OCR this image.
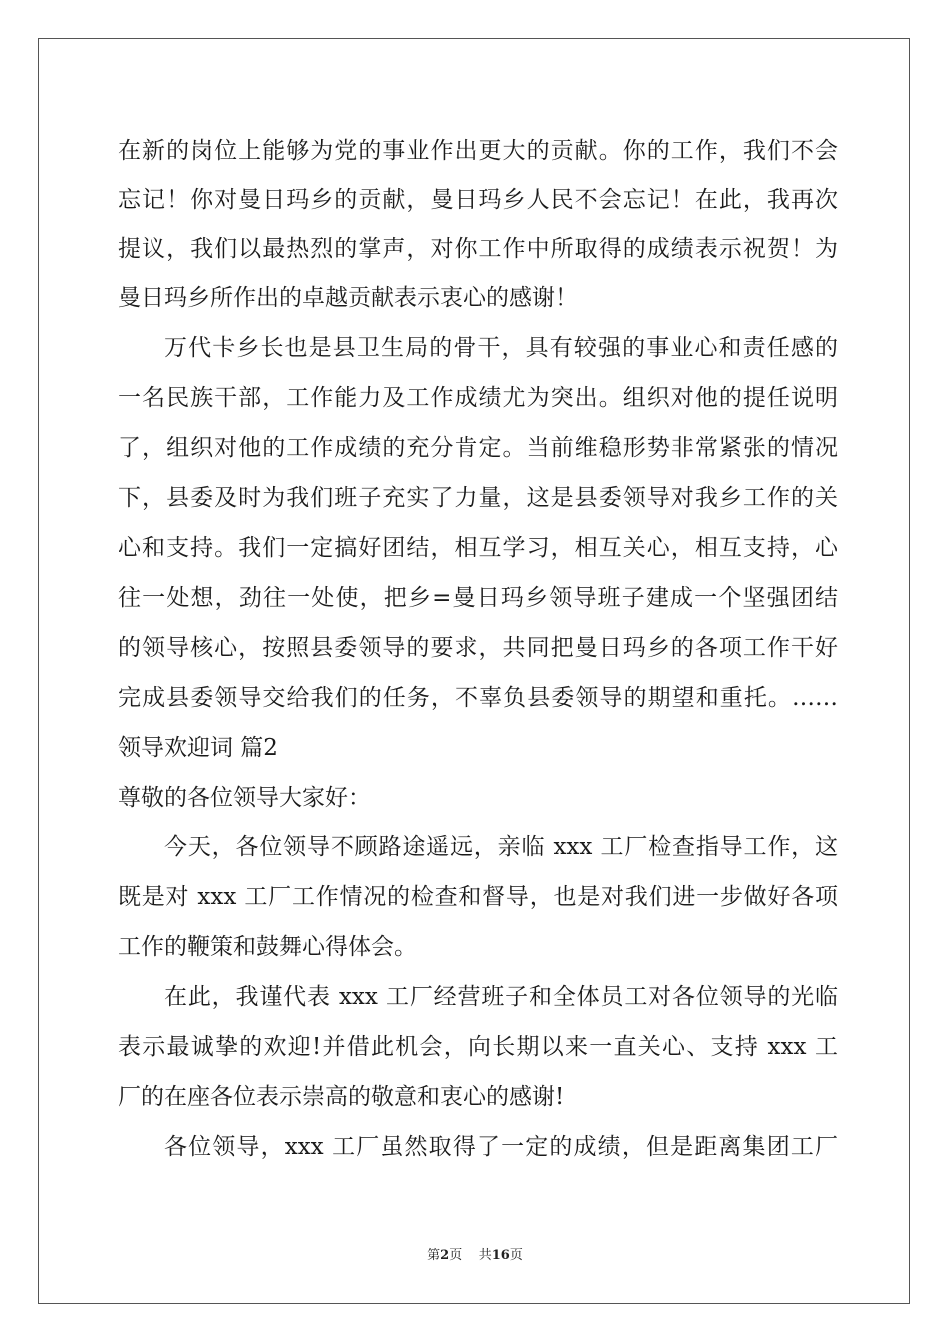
在新的岗位上能够为党的事业作出更大的贡献。你的工作，我们不会
忘记！你对曼日玛乡的贡献，曼日玛乡人民不会忘记！在此，我再次
提议，我们以最热烈的掌声，对你工作中所取得的成绩表示祝贺！为
曼日玛乡所作出的卓越贡献表示衷心的感谢！
万代卡乡长也是县卫生局的骨干，具有较强的事业心和责任感的
一名民族干部，工作能力及工作成绩尤为突出。组织对他的提任说明
了，组织对他的工作成绩的充分肯定。当前维稳形势非常紧张的情况
下，县委及时为我们班子充实了力量，这是县委领导对我乡工作的关
心和支持。我们一定搞好团结，相互学习，相互关心，相互支持，心
往一处想，劲往一处使，把乡=曼日玛乡领导班子建成一个坚强团结
的领导核心，按照县委领导的要求，共同把曼日玛乡的各项工作干好
完成县委领导交给我们的任务，不辜负县委领导的期望和重托。……
领导欢迎词 篇2
尊敬的各位领导大家好：
今天，各位领导不顾路途遥远，亲临 xxx 工厂检查指导工作，这
既是对 xxx 工厂工作情况的检查和督导，也是对我们进一步做好各项
工作的鞭策和鼓舞心得体会。
在此，我谨代表 xxx 工厂经营班子和全体员工对各位领导的光临
表示最诚挚的欢迎!并借此机会，向长期以来一直关心、支持 xxx 工
厂的在座各位表示崇高的敬意和衷心的感谢!
各位领导，xxx 工厂虽然取得了一定的成绩，但是距离集团工厂
第2页 共16页
